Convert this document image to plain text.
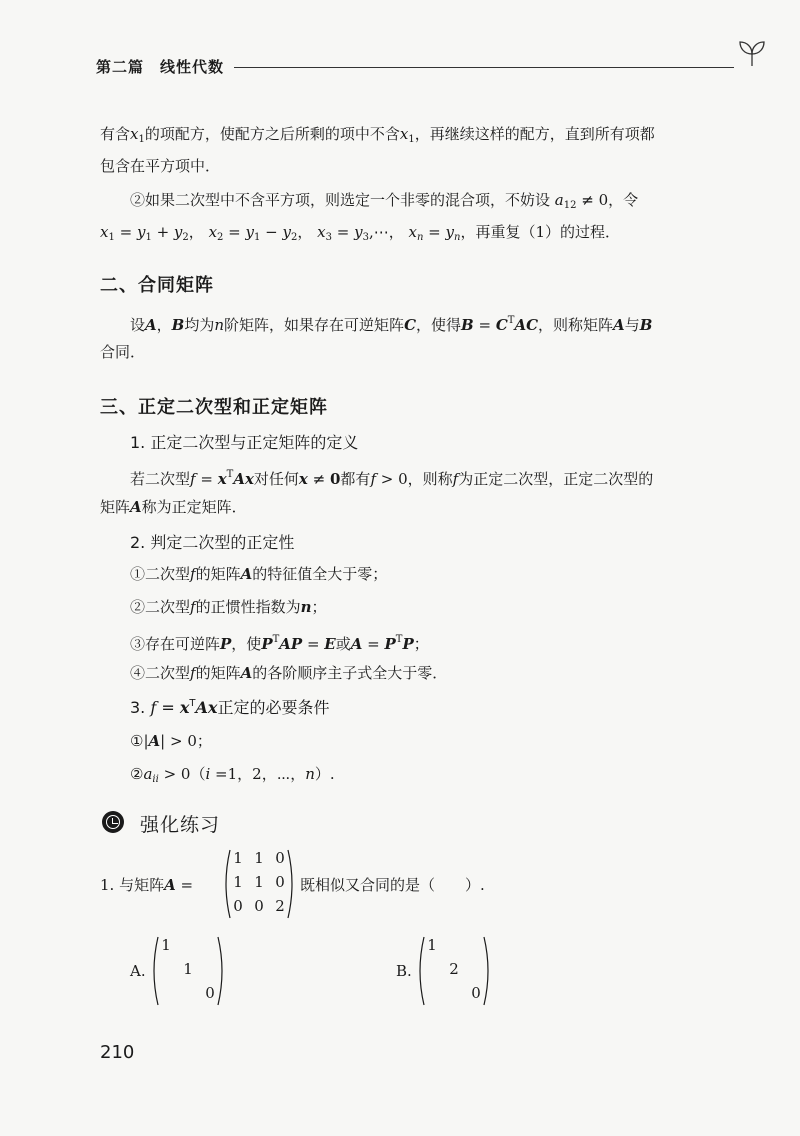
第二篇 线性代数
有含$x_1$的项配方，使配方之后所剩的项中不含$x_1$，再继续这样的配方，直到所有项都
包含在平方项中．
②如果二次型中不含平方项，则选定一个非零的混合项，不妨设 $a_{12} \ne 0$，令
$x_1 = y_1 + y_2$， $x_2 = y_1 - y_2$， $x_3$ = $y_3,\cdots$， $x_n = y_n$，再重复（1）的过程．
二、合同矩阵
设A，B均为n阶矩阵，如果存在可逆矩阵C，使得$B = C^TAC$，则称矩阵A与B
合同．
三、正定二次型和正定矩阵
1. 正定二次型与正定矩阵的定义
若二次型$f = x^TAx$对任何x ≠ 0都有f > 0，则称f为正定二次型，正定二次型的
矩阵A称为正定矩阵．
2. 判定二次型的正定性
①二次型f的矩阵A的特征值全大于零；
②二次型f的正惯性指数为n；
③存在可逆阵P，使$P^TAP = E$或$A = P^TP$；
④二次型f的矩阵A的各阶顺序主子式全大于零．
3. $f = x^TAx$正定的必要条件
①|A| > 0；
$②a_{ii} > 0(i =1$，2，⋯，n）.
强化练习
1. 与矩阵A =
1 1 0
1 1 0
0 0 2
既相似又合同的是（　　）.
A.
1
1
0
B.
1
2
0
210
